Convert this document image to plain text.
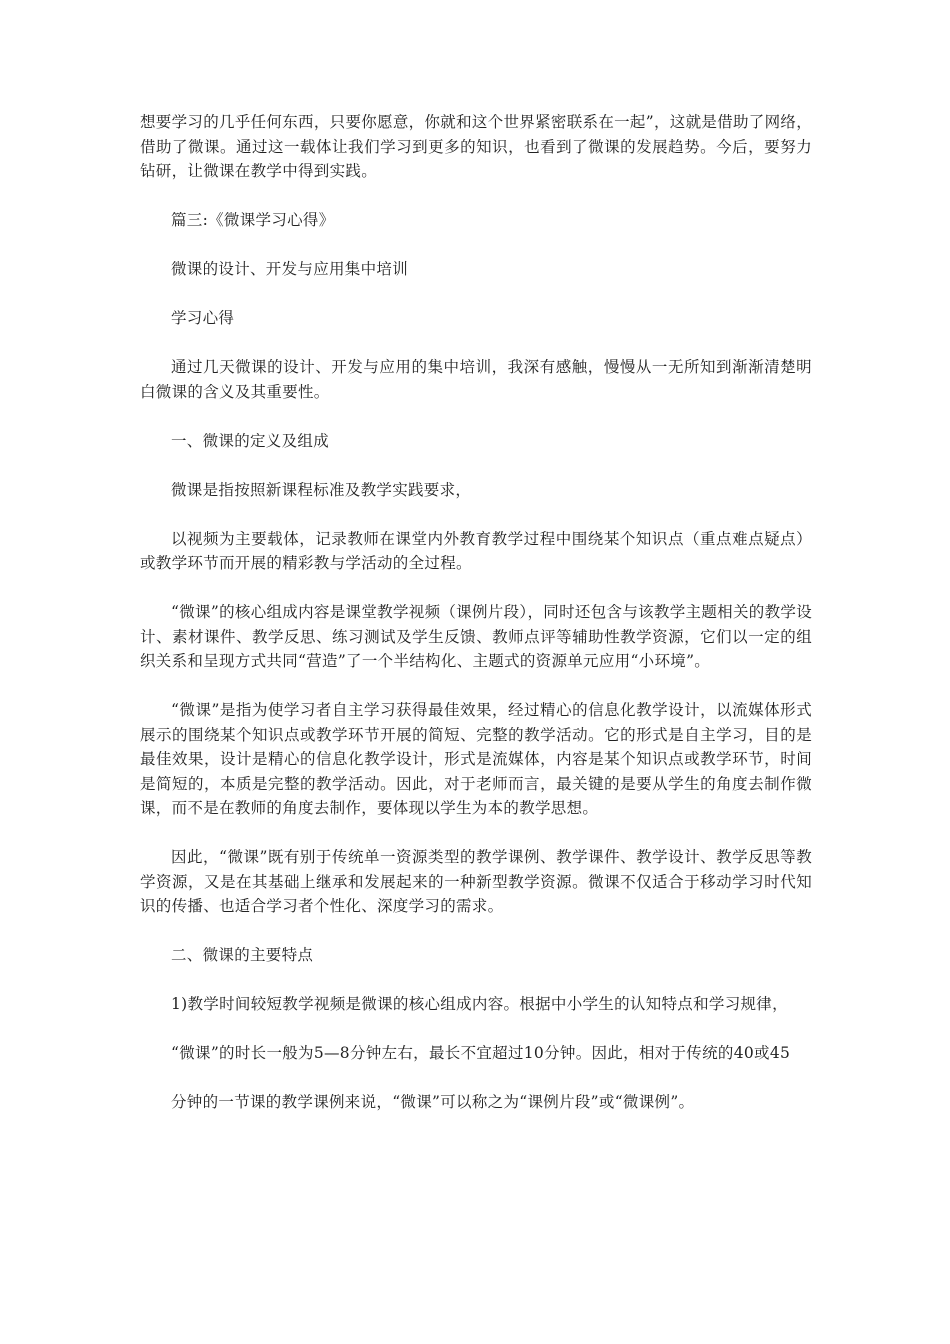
想要学习的几乎任何东西，只要你愿意，你就和这个世界紧密联系在一起”，这就是借助了网络，借助了微课。通过这一载体让我们学习到更多的知识，也看到了微课的发展趋势。今后，要努力钻研，让微课在教学中得到实践。

篇三:《微课学习心得》

微课的设计、开发与应用集中培训

学习心得

通过几天微课的设计、开发与应用的集中培训，我深有感触，慢慢从一无所知到渐渐清楚明白微课的含义及其重要性。

一、微课的定义及组成

微课是指按照新课程标准及教学实践要求，

以视频为主要载体，记录教师在课堂内外教育教学过程中围绕某个知识点（重点难点疑点）或教学环节而开展的精彩教与学活动的全过程。

“微课”的核心组成内容是课堂教学视频（课例片段），同时还包含与该教学主题相关的教学设计、素材课件、教学反思、练习测试及学生反馈、教师点评等辅助性教学资源，它们以一定的组织关系和呈现方式共同“营造”了一个半结构化、主题式的资源单元应用“小环境”。

“微课”是指为使学习者自主学习获得最佳效果，经过精心的信息化教学设计，以流媒体形式展示的围绕某个知识点或教学环节开展的简短、完整的教学活动。它的形式是自主学习，目的是最佳效果，设计是精心的信息化教学设计，形式是流媒体，内容是某个知识点或教学环节，时间是简短的，本质是完整的教学活动。因此，对于老师而言，最关键的是要从学生的角度去制作微课，而不是在教师的角度去制作，要体现以学生为本的教学思想。

因此，“微课”既有别于传统单一资源类型的教学课例、教学课件、教学设计、教学反思等教学资源，又是在其基础上继承和发展起来的一种新型教学资源。微课不仅适合于移动学习时代知识的传播、也适合学习者个性化、深度学习的需求。

二、微课的主要特点

1)教学时间较短教学视频是微课的核心组成内容。根据中小学生的认知特点和学习规律，

“微课”的时长一般为5—8分钟左右，最长不宜超过10分钟。因此，相对于传统的40或45

分钟的一节课的教学课例来说，“微课”可以称之为“课例片段”或“微课例”。
